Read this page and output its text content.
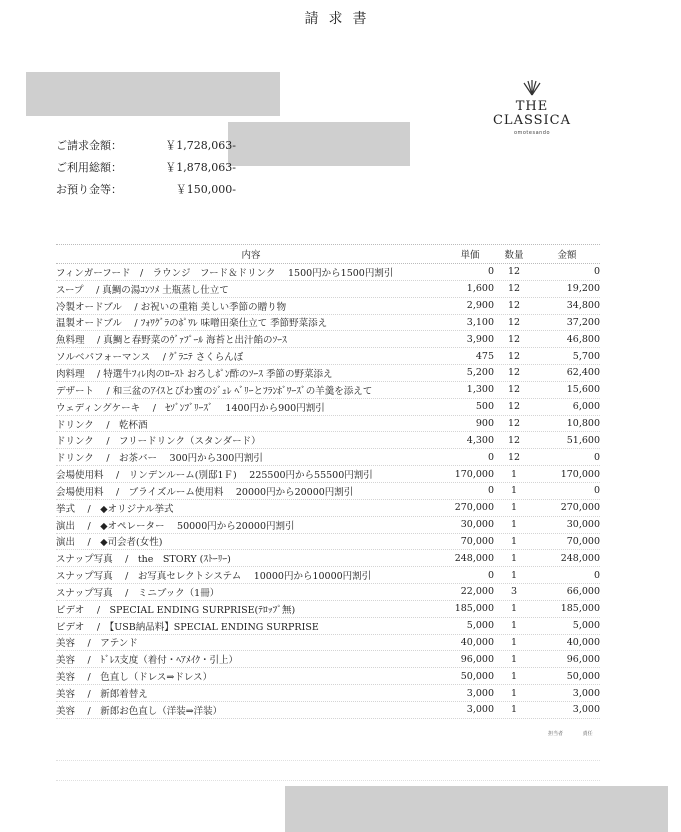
請求書
THE
CLASSICA
omotesando
ご請求金額：	￥1,728,063-
ご利用総額：	￥1,878,063-
お預り金等：	￥150,000-
内容	単価	数量	金額
フィンガーフード　/　ラウンジ　フード＆ドリンク　 1500円から1500円割引	0	12	0
スープ　 / 真鯛の湯ｺﾝｿﾒ 土瓶蒸し仕立て	1,600	12	19,200
冷製オードブル　 / お祝いの重箱 美しい季節の贈り物	2,900	12	34,800
温製オードブル　 / ﾌｫﾜｸﾞﾗのﾎﾟﾜﾚ 味噌田楽仕立て 季節野菜添え	3,100	12	37,200
魚料理　 / 真鯛と春野菜のｳﾞｧﾌﾟｰﾙ 海苔と出汁餡のｿｰｽ	3,900	12	46,800
ソルベパフォーマンス　 / ｸﾞﾗﾆﾃ さくらんぼ	475	12	5,700
肉料理　 / 特選牛ﾌｨﾚ肉のﾛｰｽﾄ おろしﾎﾟﾝ酢のｿｰｽ 季節の野菜添え	5,200	12	62,400
デザート　 / 和三盆のｱｲｽとびわ蜜のｼﾞｭﾚ ﾍﾞﾘｰとﾌﾗﾝﾎﾞﾜｰｽﾞの羊羹を添えて	1,300	12	15,600
ウェディングケーキ　 /　ｾｿﾞﾝﾌﾞﾘｰｽﾞ　 1400円から900円割引	500	12	6,000
ドリンク　 /　乾杯酒	900	12	10,800
ドリンク　 /　フリードリンク（スタンダード）	4,300	12	51,600
ドリンク　 /　お茶バー　 300円から300円割引	0	12	0
会場使用料　 /　リンデンルーム(別邸1Ｆ)　 225500円から55500円割引	170,000	1	170,000
会場使用料　 /　ブライズルーム使用料　 20000円から20000円割引	0	1	0
挙式　 /　◆オリジナル挙式	270,000	1	270,000
演出　 /　◆オペレーター　 50000円から20000円割引	30,000	1	30,000
演出　 /　◆司会者(女性)	70,000	1	70,000
スナップ写真　 /　the　STORY (ｽﾄｰﾘｰ)	248,000	1	248,000
スナップ写真　 /　お写真セレクトシステム　 10000円から10000円割引	0	1	0
スナップ写真　 /　ミニブック（1冊）	22,000	3	66,000
ビデオ　 /　SPECIAL ENDING SURPRISE(ﾃﾛｯﾌﾟ無)	185,000	1	185,000
ビデオ　 /　【USB納品料】SPECIAL ENDING SURPRISE	5,000	1	5,000
美容　 /　アテンド	40,000	1	40,000
美容　 /　ﾄﾞﾚｽ支度（着付・ﾍｱﾒｲｸ・引上）	96,000	1	96,000
美容　 /　色直し（ドレス⇒ドレス）	50,000	1	50,000
美容　 /　新郎着替え	3,000	1	3,000
美容　 /　新郎お色直し（洋装⇒洋装）	3,000	1	3,000
担当者	責任
